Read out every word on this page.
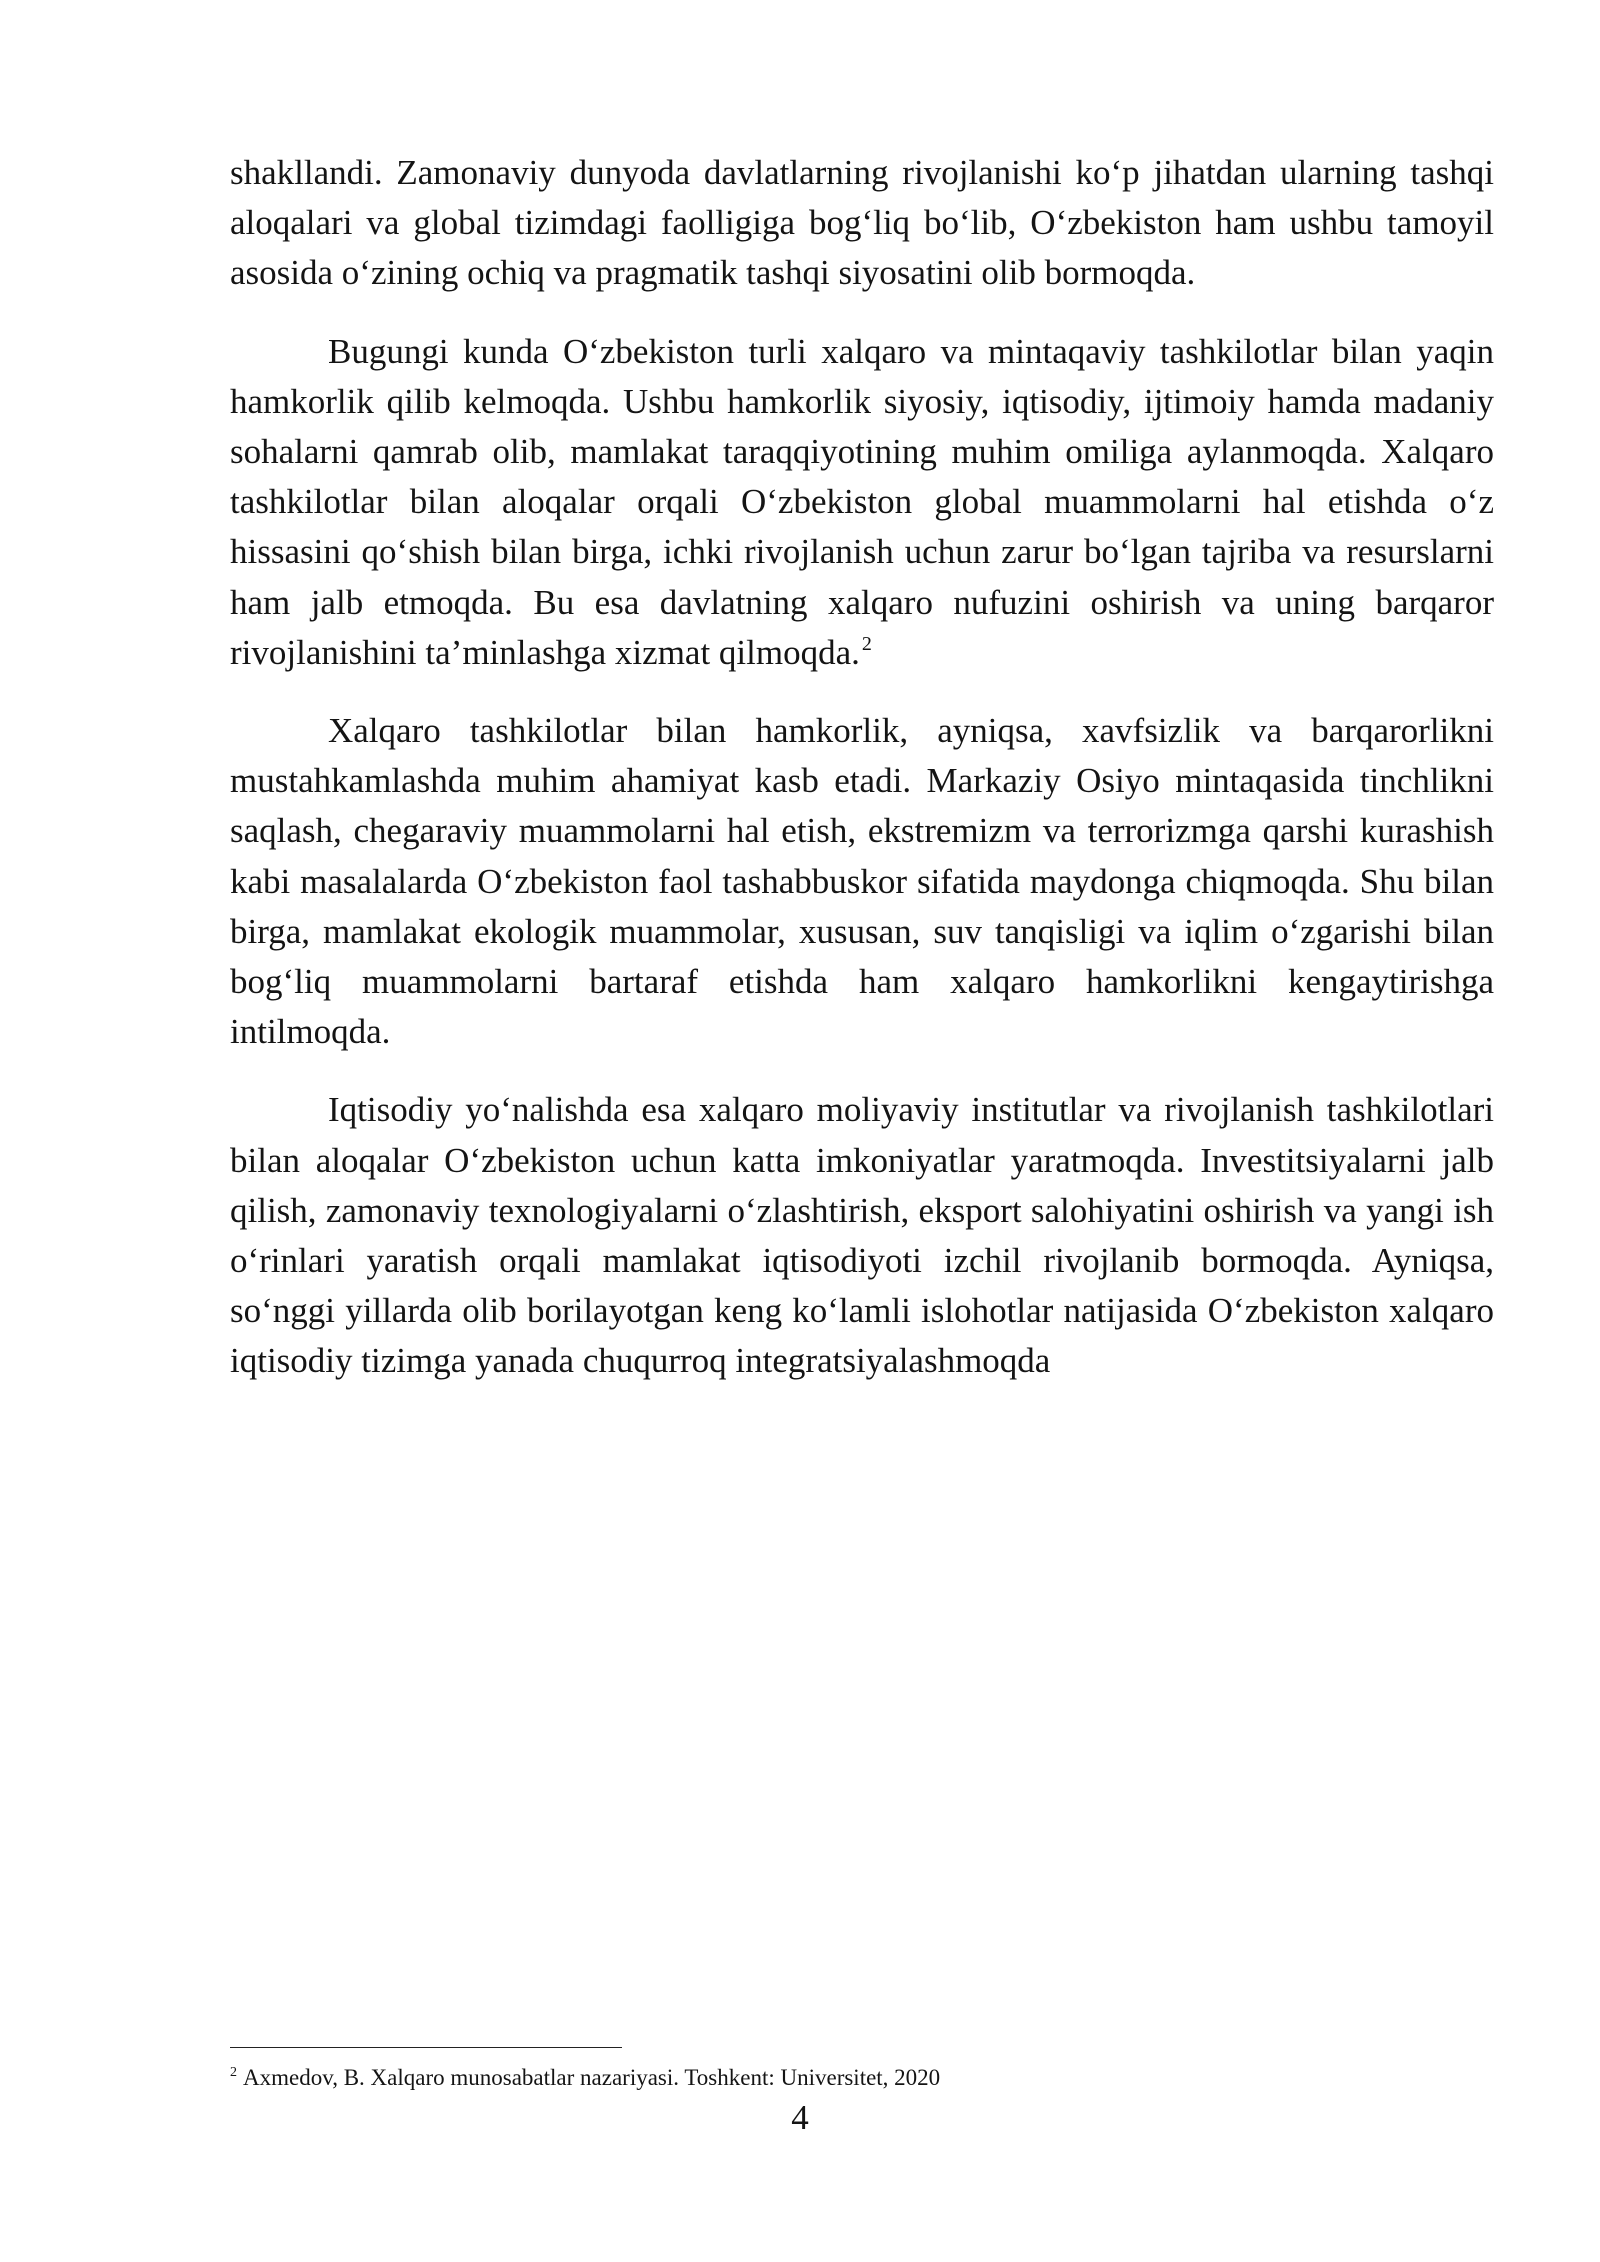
shakllandi. Zamonaviy dunyoda davlatlarning rivojlanishi ko‘p jihatdan ularning tashqi aloqalari va global tizimdagi faolligiga bog‘liq bo‘lib, O‘zbekiston ham ushbu tamoyil asosida o‘zining ochiq va pragmatik tashqi siyosatini olib bormoqda.

Bugungi kunda O‘zbekiston turli xalqaro va mintaqaviy tashkilotlar bilan yaqin hamkorlik qilib kelmoqda. Ushbu hamkorlik siyosiy, iqtisodiy, ijtimoiy hamda madaniy sohalarni qamrab olib, mamlakat taraqqiyotining muhim omiliga aylanmoqda. Xalqaro tashkilotlar bilan aloqalar orqali O‘zbekiston global muammolarni hal etishda o‘z hissasini qo‘shish bilan birga, ichki rivojlanish uchun zarur bo‘lgan tajriba va resurslarni ham jalb etmoqda. Bu esa davlatning xalqaro nufuzini oshirish va uning barqaror rivojlanishini ta’minlashga xizmat qilmoqda. $^2$

Xalqaro tashkilotlar bilan hamkorlik, ayniqsa, xavfsizlik va barqarorlikni mustahkamlashda muhim ahamiyat kasb etadi. Markaziy Osiyo mintaqasida tinchlikni saqlash, chegaraviy muammolarni hal etish, ekstremizm va terrorizmga qarshi kurashish kabi masalalarda O‘zbekiston faol tashabbuskor sifatida maydonga chiqmoqda. Shu bilan birga, mamlakat ekologik muammolar, xususan, suv tanqisligi va iqlim o‘zgarishi bilan bog‘liq muammolarni bartaraf etishda ham xalqaro hamkorlikni kengaytirishga intilmoqda.

Iqtisodiy yo‘nalishda esa xalqaro moliyaviy institutlar va rivojlanish tashkilotlari bilan aloqalar O‘zbekiston uchun katta imkoniyatlar yaratmoqda. Investitsiyalarni jalb qilish, zamonaviy texnologiyalarni o‘zlashtirish, eksport salohiyatini oshirish va yangi ish o‘rinlari yaratish orqali mamlakat iqtisodiyoti izchil rivojlanib bormoqda. Ayniqsa, so‘nggi yillarda olib borilayotgan keng ko‘lamli islohotlar natijasida O‘zbekiston xalqaro iqtisodiy tizimga yanada chuqurroq integratsiyalashmoqda

$^2$ Axmedov, B. Xalqaro munosabatlar nazariyasi. Toshkent: Universitet, 2020
4
